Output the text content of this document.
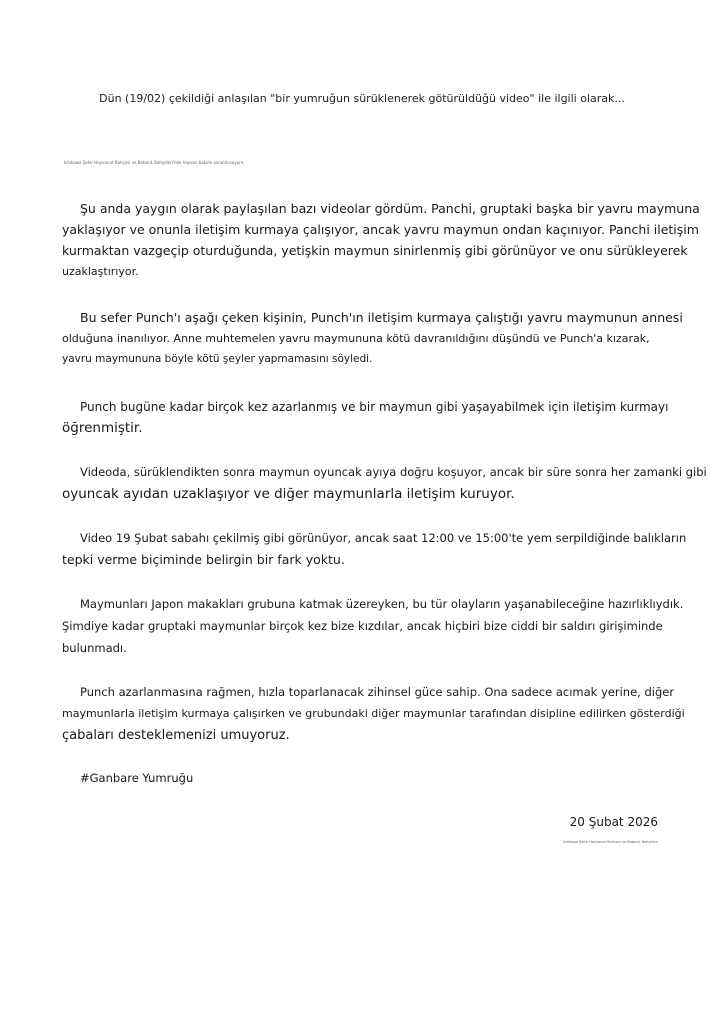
Dün (19/02) çekildiği anlaşılan "bir yumruğun sürüklenerek götürüldüğü video" ile ilgili olarak...
Ichikawa Şehir Hayvanat Bahçesi ve Botanik Bahçeleri'nde hayvan bakımı sorumlusuyum.
Şu anda yaygın olarak paylaşılan bazı videolar gördüm. Panchi, gruptaki başka bir yavru maymuna
yaklaşıyor ve onunla iletişim kurmaya çalışıyor, ancak yavru maymun ondan kaçınıyor. Panchi iletişim
kurmaktan vazgeçip oturduğunda, yetişkin maymun sinirlenmiş gibi görünüyor ve onu sürükleyerek
uzaklaştırıyor.
Bu sefer Punch'ı aşağı çeken kişinin, Punch'ın iletişim kurmaya çalıştığı yavru maymunun annesi
olduğuna inanılıyor. Anne muhtemelen yavru maymununa kötü davranıldığını düşündü ve Punch'a kızarak,
yavru maymununa böyle kötü şeyler yapmamasını söyledi.
Punch bugüne kadar birçok kez azarlanmış ve bir maymun gibi yaşayabilmek için iletişim kurmayı
öğrenmiştir.
Videoda, sürüklendikten sonra maymun oyuncak ayıya doğru koşuyor, ancak bir süre sonra her zamanki gibi
oyuncak ayıdan uzaklaşıyor ve diğer maymunlarla iletişim kuruyor.
Video 19 Şubat sabahı çekilmiş gibi görünüyor, ancak saat 12:00 ve 15:00'te yem serpildiğinde balıkların
tepki verme biçiminde belirgin bir fark yoktu.
Maymunları Japon makakları grubuna katmak üzereyken, bu tür olayların yaşanabileceğine hazırlıklıydık.
Şimdiye kadar gruptaki maymunlar birçok kez bize kızdılar, ancak hiçbiri bize ciddi bir saldırı girişiminde
bulunmadı.
Punch azarlanmasına rağmen, hızla toparlanacak zihinsel güce sahip. Ona sadece acımak yerine, diğer
maymunlarla iletişim kurmaya çalışırken ve grubundaki diğer maymunlar tarafından disipline edilirken gösterdiği
çabaları desteklemenizi umuyoruz.
#Ganbare Yumruğu
20 Şubat 2026
Ichikawa Şehir Hayvanat Bahçesi ve Botanik Bahçeleri
